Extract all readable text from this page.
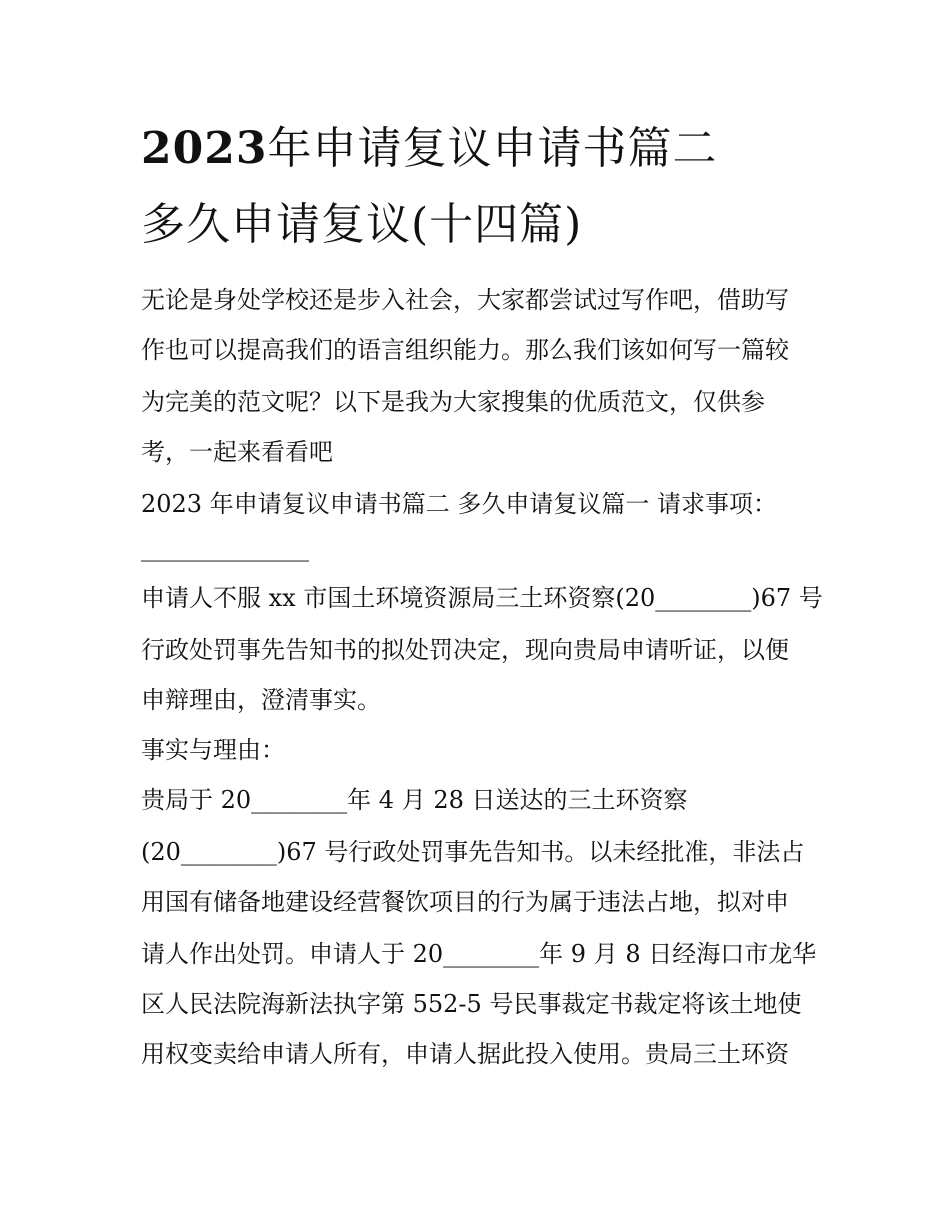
2023年申请复议申请书篇二
多久申请复议(十四篇)
无论是身处学校还是步入社会，大家都尝试过写作吧，借助写
作也可以提高我们的语言组织能力。那么我们该如何写一篇较
为完美的范文呢？以下是我为大家搜集的优质范文，仅供参
考，一起来看看吧
2023 年申请复议申请书篇二 多久申请复议篇一 请求事项：
______________
申请人不服 xx 市国土环境资源局三土环资察(20________)67 号
行政处罚事先告知书的拟处罚决定，现向贵局申请听证，以便
申辩理由，澄清事实。
事实与理由：
贵局于 20________年 4 月 28 日送达的三土环资察
(20________)67 号行政处罚事先告知书。以未经批准，非法占
用国有储备地建设经营餐饮项目的行为属于违法占地，拟对申
请人作出处罚。申请人于 20________年 9 月 8 日经海口市龙华
区人民法院海新法执字第 552-5 号民事裁定书裁定将该土地使
用权变卖给申请人所有，申请人据此投入使用。贵局三土环资
